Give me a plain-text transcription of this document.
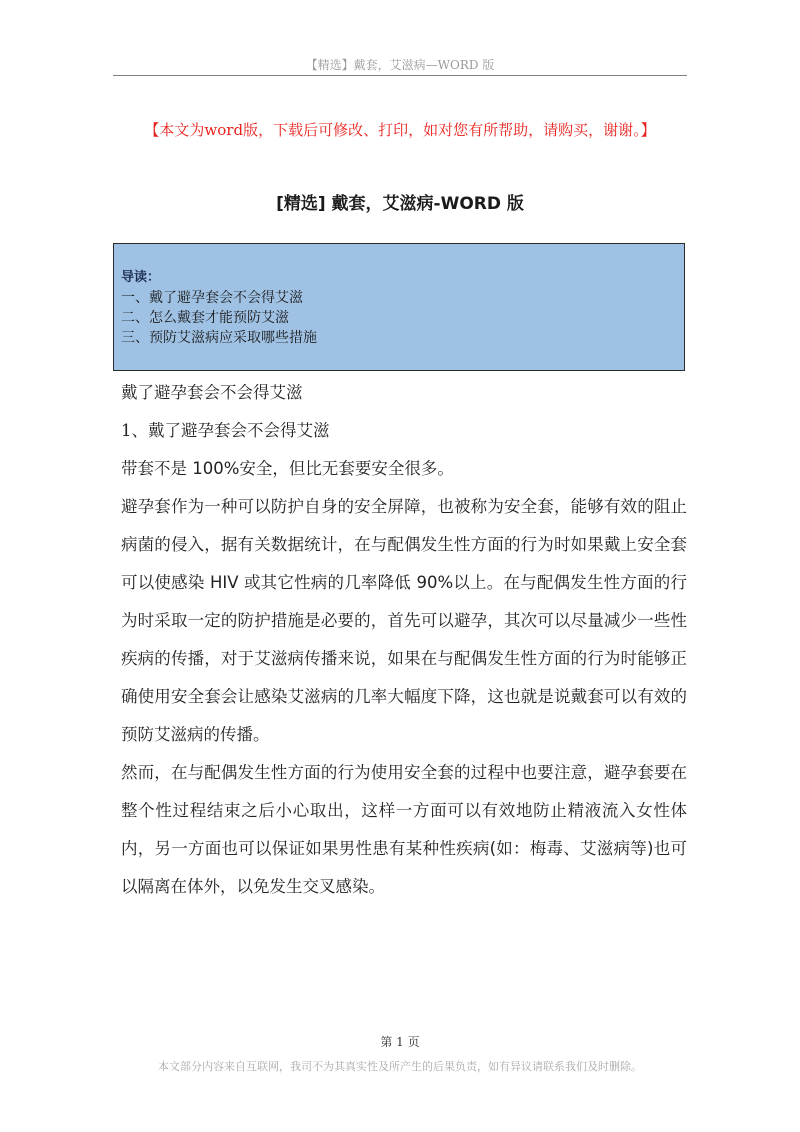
【精选】戴套，艾滋病—WORD 版
【本文为word版，下载后可修改、打印，如对您有所帮助，请购买，谢谢。】
[精选] 戴套，艾滋病-WORD 版
导读：
一、戴了避孕套会不会得艾滋
二、怎么戴套才能预防艾滋
三、预防艾滋病应采取哪些措施

戴了避孕套会不会得艾滋

1、戴了避孕套会不会得艾滋

带套不是 100%安全，但比无套要安全很多。

避孕套作为一种可以防护自身的安全屏障，也被称为安全套，能够有效的阻止病菌的侵入，据有关数据统计，在与配偶发生性方面的行为时如果戴上安全套可以使感染 HIV 或其它性病的几率降低 90%以上。在与配偶发生性方面的行为时采取一定的防护措施是必要的，首先可以避孕，其次可以尽量减少一些性疾病的传播，对于艾滋病传播来说，如果在与配偶发生性方面的行为时能够正确使用安全套会让感染艾滋病的几率大幅度下降，这也就是说戴套可以有效的预防艾滋病的传播。

然而，在与配偶发生性方面的行为使用安全套的过程中也要注意，避孕套要在整个性过程结束之后小心取出，这样一方面可以有效地防止精液流入女性体内，另一方面也可以保证如果男性患有某种性疾病(如：梅毒、艾滋病等)也可以隔离在体外，以免发生交叉感染。

第 1 页
本文部分内容来自互联网，我司不为其真实性及所产生的后果负责，如有异议请联系我们及时删除。
